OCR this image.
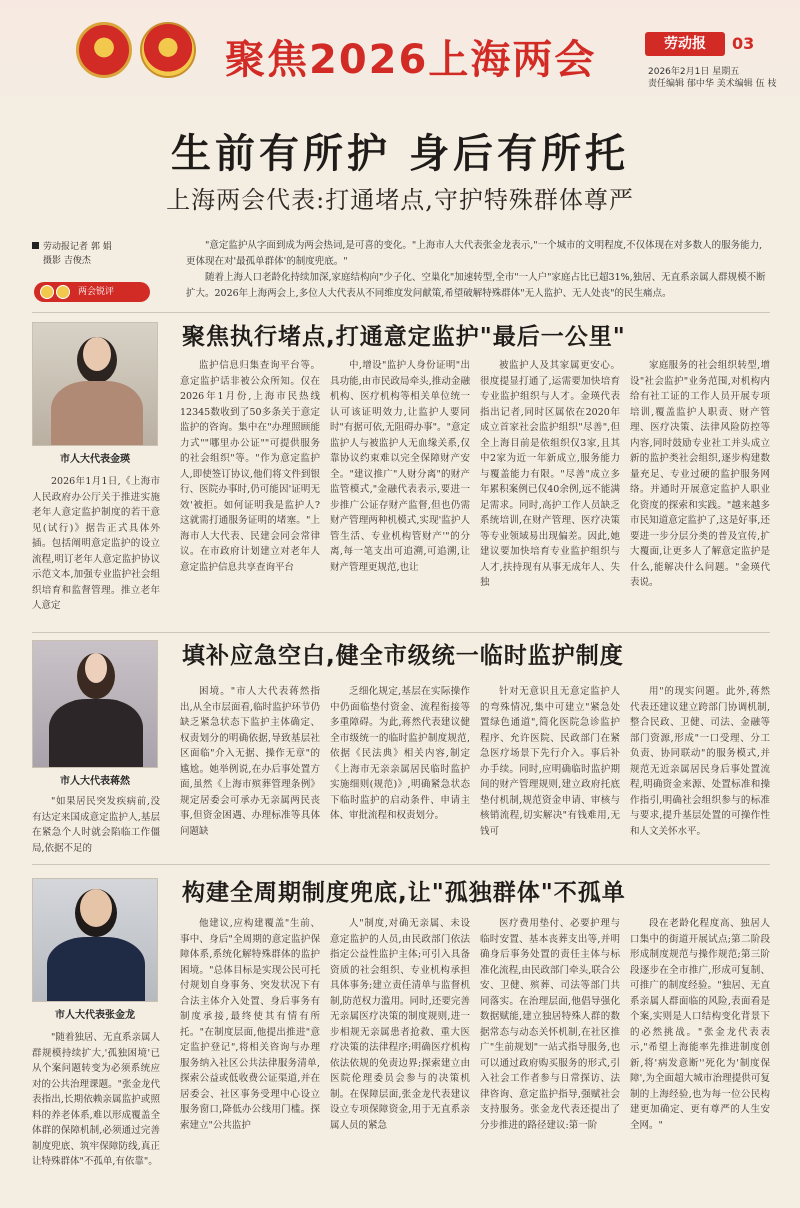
聚焦2026上海两会	劳动报	03
2026年2月1日 星期五
责任编辑 郁中华 美术编辑 伍 枝
生前有所护 身后有所托
上海两会代表:打通堵点,守护特殊群体尊严
劳动报记者 郭 娟
摄影 吉俊杰
两会锐评

"意定监护从字面到成为两会热词,是可喜的变化。"上海市人大代表张金龙表示,"一个城市的文明程度,不仅体现在对多数人的服务能力,更体现在对'最孤单群体'的制度兜底。"

随着上海人口老龄化持续加深,家庭结构向"少子化、空巢化"加速转型,全市"一人户"家庭占比已超31%,独居、无直系亲属人群规模不断扩大。2026年上海两会上,多位人大代表从不同维度发问献策,希望破解特殊群体"无人监护、无人处丧"的民生痛点。

市人大代表金瑛
聚焦执行堵点,打通意定监护"最后一公里"

2026年1月1日,《上海市人民政府办公厅关于推进实施老年人意定监护制度的若干意见(试行)》据告正式具体外插。包括阐明意定监护的设立流程,明订老年人意定监护协议示范文本,加强专业监护社会组织培育和监督管理。推立老年人意定

监护信息归集查询平台等。意定监护话非被公众所知。仅在2026年1月份,上海市民热线12345数收到了50多条关于意定监护的咨询。集中在"办理照顾能力式""哪里办公证""可提供服务的社会组织"等。"作为意定监护人,即使签订协议,他们将文件到银行、医院办事时,仍可能因'证明无效'被拒。如何证明我是监护人?这就需打通服务证明的堵塞。"上海市人大代表、民建会同会常律议。在市政府计划建立对老年人意定监护信息共享查询平台

中,增设"监护人身份证明"出具功能,由市民政局牵头,推动金融机构、医疗机构等相关单位统一认可该证明效力,让监护人要同时"有据可依,无阻碍办事"。"意定监护人与被监护人无血缘关系,仅靠协议约束难以完全保障财产安全。"建议推广"人财分离"的财产监管模式,"金融代表表示,要进一步推广公证存财产监督,但也仍需财产管理两种机模式,实现'监护人管生活、专业机构管财产'"的分离,每一笔支出可追溯,可追溯,让财产管理更规范,也让

被监护人及其家属更安心。很度提显打通了,运需要加快培育专业监护组织与人才。金瑛代表指出记者,同时区属依在2020年成立首家社会监护组织"尽善",但全上海目前是依组织仅3家,且其中2家为近一年新成立,服务能力与覆盖能力有限。"尽善"成立多年累积案例已仅40余例,远不能满足需求。同时,高护工作人员缺乏系统培训,在财产管理、医疗决策等专业领域易出现偏差。因此,她建议要加快培育专业监护组织与人才,扶持现有从事无成年人、失独

家庭服务的社会组织转型,增设"社会监护"业务范围,对机构内给有社工证的工作人员开展专项培训,覆盖监护人职责、财产管理、医疗决策、法律风险防控等内容,同时鼓励专业社工并头成立新的监护类社会组织,逐步构建数量充足、专业过硬的监护服务网络。并通时开展意定监护人职业化资度的探索和实践。"越来越多市民知道意定监护了,这是好事,还要进一步分层分类的普及宣传,扩大覆面,让更多人了解意定监护是什么,能解决什么问题。"金瑛代表说。

市人大代表蒋然
填补应急空白,健全市级统一临时监护制度

"如果居民突发疾病前,没有达定来国成意定监护人,基层在紧急个人时就会陷临工作僵局,依据不足的

困境。"市人大代表蒋然指出,从全市层面看,临时监护环节仍缺乏紧急状态下监护主体确定、权责划分的明确依据,导致基层社区面临"介入无据、操作无章"的尴尬。她举例说,在办后事处置方面,虽然《上海市殡葬管理条例》规定居委会可承办无亲属两民丧事,但资金困遇、办理标准等具体问题缺

乏细化规定,基层在实际操作中仍面临垫付资金、流程衔接等多重障碍。为此,蒋然代表建议健全市级统一的临时监护制度规范,依据《民法典》相关内容,制定《上海市无亲亲属居民临时监护实施细则(规范)》,明确紧急状态下临时监护的启动条件、申请主体、审批流程和权责划分。

针对无意识且无意定监护人的弯殊情况,集中可建立"紧急处置绿色通道",简化医院急诊监护程序、允许医院、民政部门在紧急医疗场景下先行介入。事后补办手续。同时,应明确临时监护期间的财产管理规则,建立政府托底垫付机制,规范资金申请、审核与核销流程,切实解决"有钱难用,无钱可

用"的现实问题。此外,蒋然代表还建议建立跨部门协调机制,整合民政、卫健、司法、金融等部门资源,形成"一口受理、分工负责、协同联动"的服务模式,并规范无近亲属居民身后事处置流程,明确资金来源、处置标准和操作指引,明确社会组织参与的标准与要求,提升基层处置的可操作性和人文关怀水平。

市人大代表张金龙
构建全周期制度兜底,让"孤独群体"不孤单

"随着独居、无直系亲属人群规模持续扩大,'孤独困境'已从个案问题转变为必须系统应对的公共治理课题。"张金龙代表指出,长期依赖亲属监护或照料的养老体系,难以形成覆盖全体群的保障机制,必须通过完善制度兜底、筑牢保障防线,真正让特殊群体"不孤单,有依靠"。

他建议,应构建覆盖"生前、事中、身后"全周期的意定监护保障体系,系统化解特殊群体的监护困境。"总体目标是实现公民可托付规划自身事务、突发状况下有合法主体介入处置、身后事务有制度承接,最终使其有情有所托。"在制度层面,他提出推进"意定监护登记",将相关咨询与办理服务纳入社区公共法律服务清单,探索公益或低收费公证渠道,并在居委会、社区事务受理中心设立服务窗口,降低办公线用门槛。探索建立"公共监护

人"制度,对确无亲属、未设意定监护的人员,由民政部门依法指定公益性监护主体;可引入具备资质的社会组织、专业机构承担具体事务;建立责任清单与监督机制,防范权力滥用。同时,还要完善无亲属医疗决策的制度规则,进一步相规无亲属患者抢救、重大医疗决策的法律程序;明确医疗机构依法依规的免责边界;探索建立由医院伦理委员会参与的决策机制。在保障层面,张金龙代表建议设立专项保障资金,用于无直系亲属人员的紧急

医疗费用垫付、必要护理与临时安置、基本丧葬支出等,并明确身后事务处置的责任主体与标准化流程,由民政部门牵头,联合公安、卫健、殡葬、司法等部门共同落实。在治理层面,他倡导强化数据赋能,建立独居特殊人群的数据常态与动态关怀机制,在社区推广"生前规划"一站式指导服务,也可以通过政府购买服务的形式,引入社会工作者参与日常探访、法律咨询、意定监护指导,强赋社会支持服务。张金龙代表还提出了分步推进的路径建议:第一阶

段在老龄化程度高、独居人口集中的街道开展试点;第二阶段形成制度规范与操作规范;第三阶段逐步在全市推广,形成可复制、可推广的制度经验。"独居、无直系亲属人群面临的风险,表面看是个案,实则是人口结构变化背景下的必然挑战。"张金龙代表表示,"希望上海能率先推进制度创新,将'病发意断''死化为'制度保障',为全面超大城市治理提供可复制的上海经验,也为每一位公民构建更加确定、更有尊严的人生安全网。"
